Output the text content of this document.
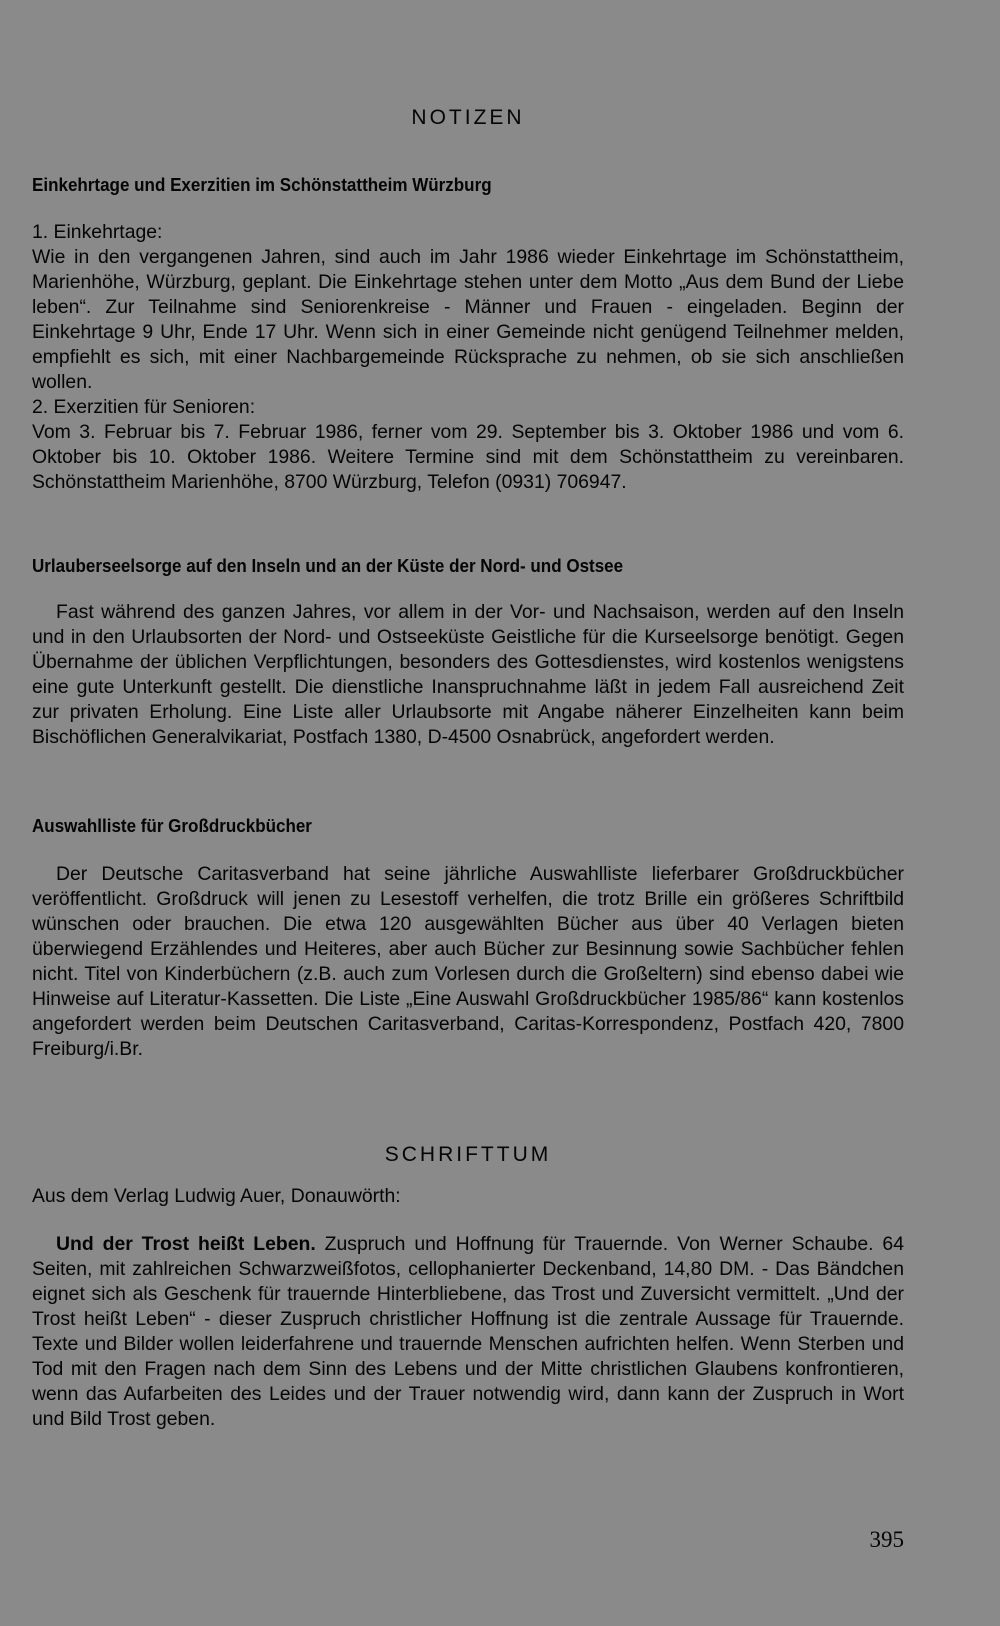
NOTIZEN
Einkehrtage und Exerzitien im Schönstattheim Würzburg

1. Einkehrtage:

Wie in den vergangenen Jahren, sind auch im Jahr 1986 wieder Einkehrtage im Schönstattheim, Marienhöhe, Würzburg, geplant. Die Einkehrtage stehen unter dem Motto „Aus dem Bund der Liebe leben“. Zur Teilnahme sind Seniorenkreise - Männer und Frauen - eingeladen. Beginn der Einkehrtage 9 Uhr, Ende 17 Uhr. Wenn sich in einer Gemeinde nicht genügend Teilnehmer melden, empfiehlt es sich, mit einer Nachbargemeinde Rücksprache zu nehmen, ob sie sich anschließen wollen.

2. Exerzitien für Senioren:

Vom 3. Februar bis 7. Februar 1986, ferner vom 29. September bis 3. Oktober 1986 und vom 6. Oktober bis 10. Oktober 1986. Weitere Termine sind mit dem Schönstattheim zu vereinbaren. Schönstattheim Marienhöhe, 8700 Würzburg, Telefon (0931) 706947.

Urlauberseelsorge auf den Inseln und an der Küste der Nord- und Ostsee

Fast während des ganzen Jahres, vor allem in der Vor- und Nachsaison, werden auf den Inseln und in den Urlaubsorten der Nord- und Ostseeküste Geistliche für die Kurseelsorge benötigt. Gegen Übernahme der üblichen Verpflichtungen, besonders des Gottesdienstes, wird kostenlos wenigstens eine gute Unterkunft gestellt. Die dienstliche Inanspruchnahme läßt in jedem Fall ausreichend Zeit zur privaten Erholung. Eine Liste aller Urlaubsorte mit Angabe näherer Einzelheiten kann beim Bischöflichen Generalvikariat, Postfach 1380, D-4500 Osnabrück, angefordert werden.

Auswahlliste für Großdruckbücher

Der Deutsche Caritasverband hat seine jährliche Auswahlliste lieferbarer Großdruckbücher veröffentlicht. Großdruck will jenen zu Lesestoff verhelfen, die trotz Brille ein größeres Schriftbild wünschen oder brauchen. Die etwa 120 ausgewählten Bücher aus über 40 Verlagen bieten überwiegend Erzählendes und Heiteres, aber auch Bücher zur Besinnung sowie Sachbücher fehlen nicht. Titel von Kinderbüchern (z.B. auch zum Vorlesen durch die Großeltern) sind ebenso dabei wie Hinweise auf Literatur-Kassetten. Die Liste „Eine Auswahl Großdruckbücher 1985/86“ kann kostenlos angefordert werden beim Deutschen Caritasverband, Caritas-Korrespondenz, Postfach 420, 7800 Freiburg/i.Br.

SCHRIFTTUM

Aus dem Verlag Ludwig Auer, Donauwörth:

Und der Trost heißt Leben. Zuspruch und Hoffnung für Trauernde. Von Werner Schaube. 64 Seiten, mit zahlreichen Schwarzweißfotos, cellophanierter Deckenband, 14,80 DM. - Das Bändchen eignet sich als Geschenk für trauernde Hinterbliebene, das Trost und Zuversicht vermittelt. „Und der Trost heißt Leben“ - dieser Zuspruch christlicher Hoffnung ist die zentrale Aussage für Trauernde. Texte und Bilder wollen leiderfahrene und trauernde Menschen aufrichten helfen. Wenn Sterben und Tod mit den Fragen nach dem Sinn des Lebens und der Mitte christlichen Glaubens konfrontieren, wenn das Aufarbeiten des Leides und der Trauer notwendig wird, dann kann der Zuspruch in Wort und Bild Trost geben.

395
